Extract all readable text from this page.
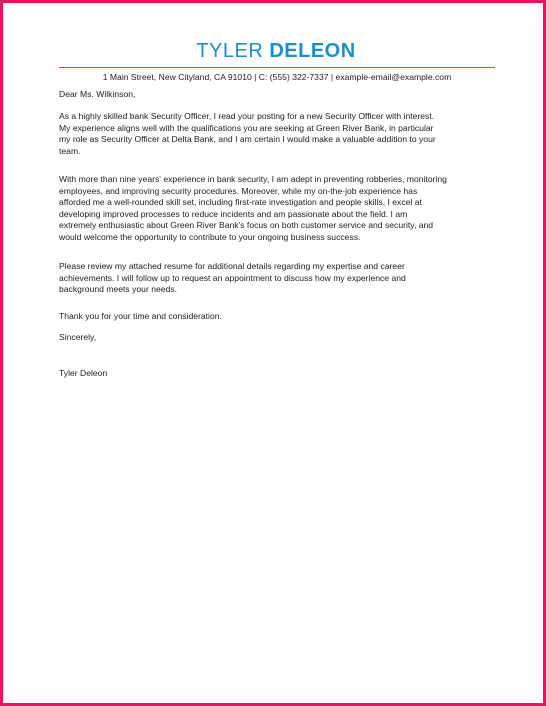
TYLER DELEON
1 Main Street, New Cityland, CA 91010 | C: (555) 322-7337 | example-email@example.com

Dear Ms. Wilkinson,

As a highly skilled bank Security Officer, I read your posting for a new Security Officer with interest.

My experience aligns well with the qualifications you are seeking at Green River Bank, in particular

my role as Security Officer at Delta Bank, and I am certain I would make a valuable addition to your

team.

With more than nine years' experience in bank security, I am adept in preventing robberies, monitoring

employees, and improving security procedures. Moreover, while my on-the-job experience has

afforded me a well-rounded skill set, including first-rate investigation and people skills, I excel at

developing improved processes to reduce incidents and am passionate about the field. I am

extremely enthusiastic about Green River Bank's focus on both customer service and security, and

would welcome the opportunity to contribute to your ongoing business success.

Please review my attached resume for additional details regarding my expertise and career

achievements. I will follow up to request an appointment to discuss how my experience and

background meets your needs.

Thank you for your time and consideration.

Sincerely,

Tyler Deleon
